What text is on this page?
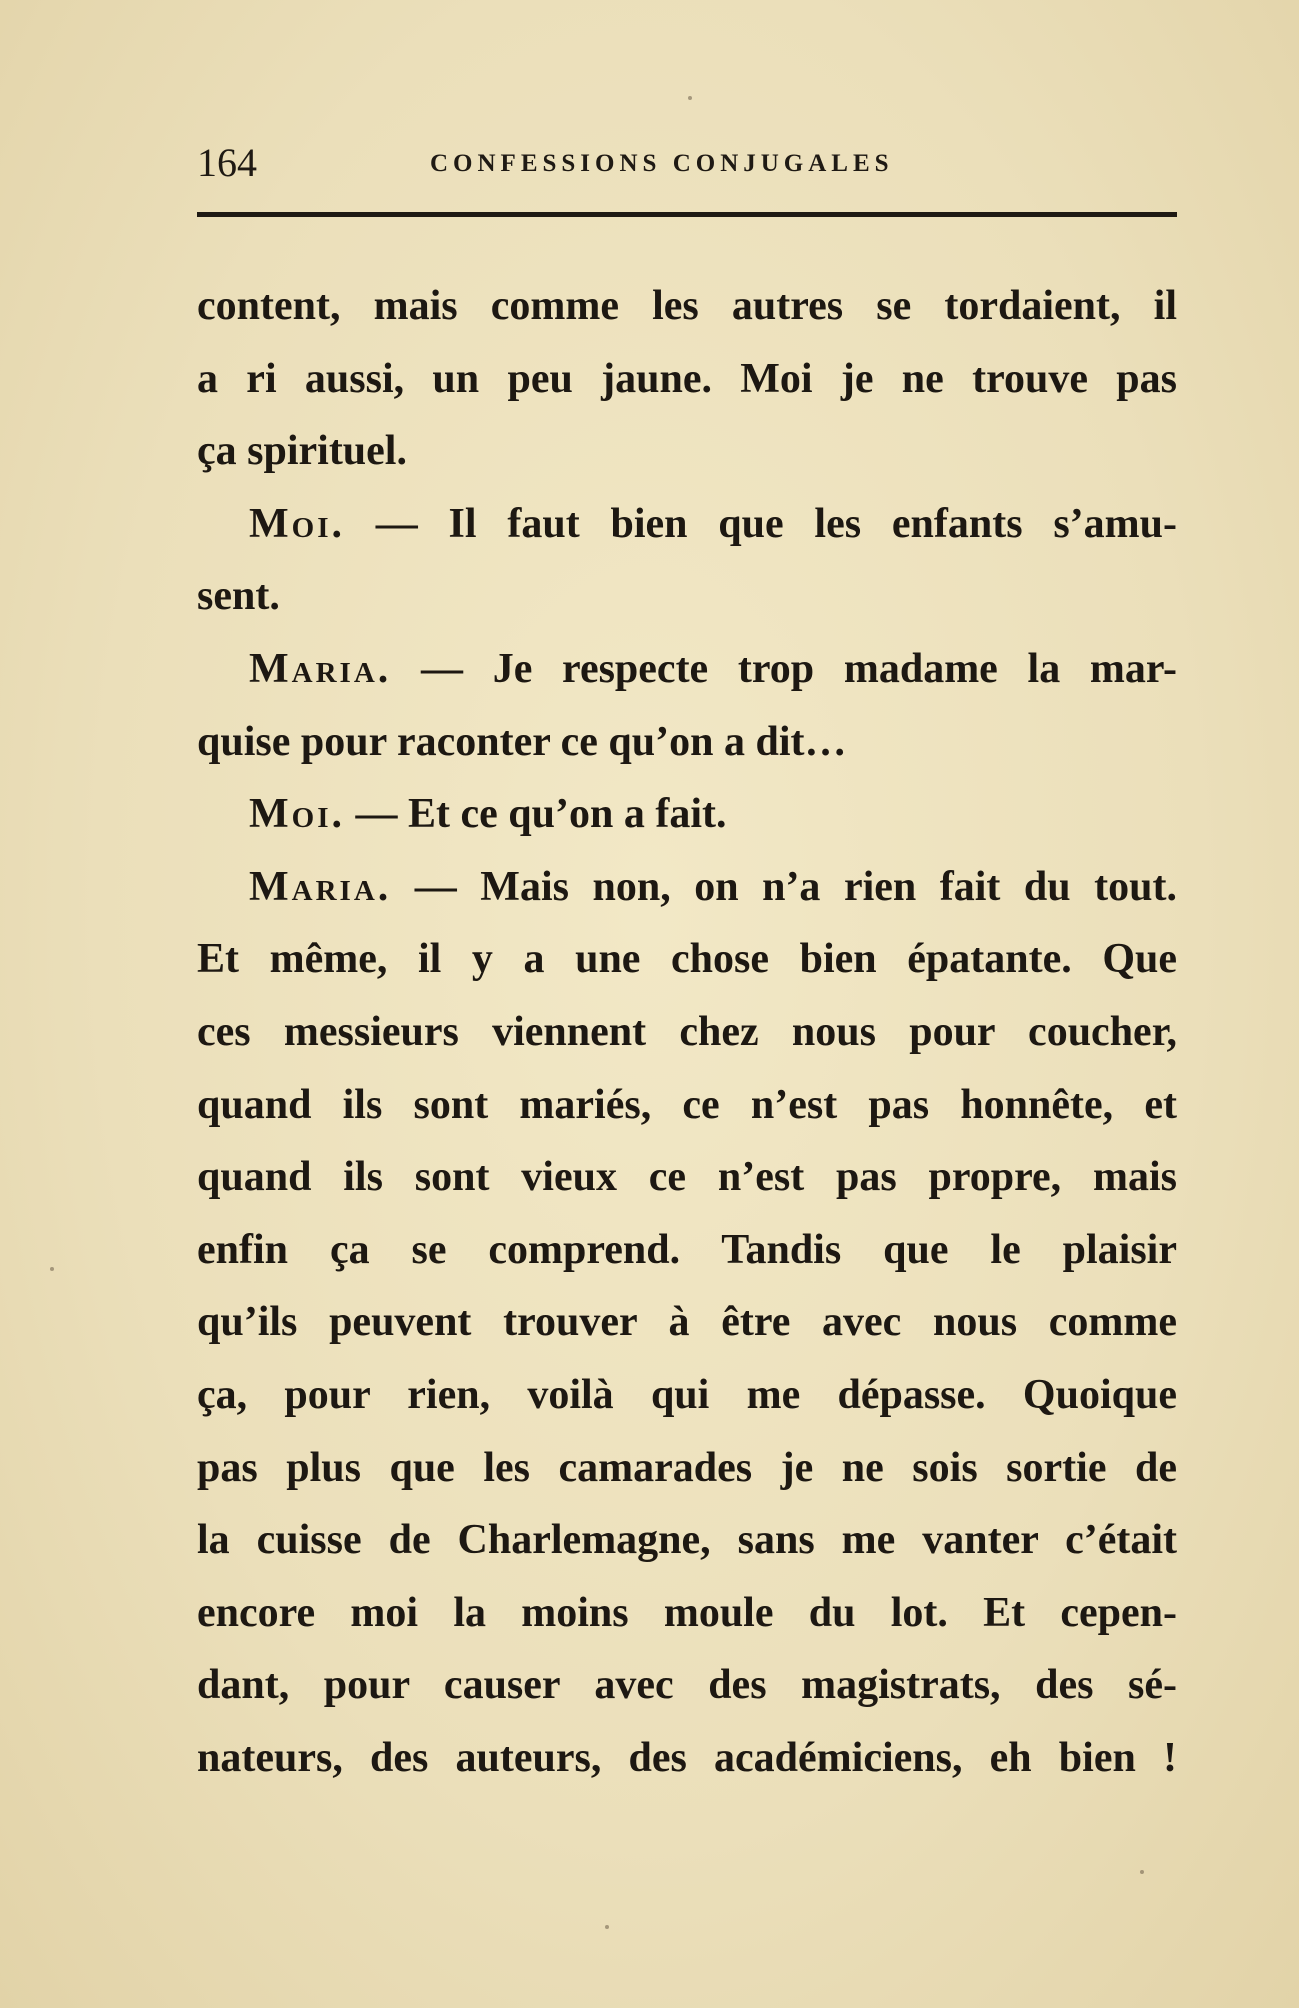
164	CONFESSIONS CONJUGALES
content, mais comme les autres se tordaient, il
a ri aussi, un peu jaune. Moi je ne trouve pas
ça spirituel.
Moi. — Il faut bien que les enfants s’amu-
sent.
Maria. — Je respecte trop madame la mar-
quise pour raconter ce qu’on a dit…
Moi. — Et ce qu’on a fait.
Maria. — Mais non, on n’a rien fait du tout.
Et même, il y a une chose bien épatante. Que
ces messieurs viennent chez nous pour coucher,
quand ils sont mariés, ce n’est pas honnête, et
quand ils sont vieux ce n’est pas propre, mais
enfin ça se comprend. Tandis que le plaisir
qu’ils peuvent trouver à être avec nous comme
ça, pour rien, voilà qui me dépasse. Quoique
pas plus que les camarades je ne sois sortie de
la cuisse de Charlemagne, sans me vanter c’était
encore moi la moins moule du lot. Et cepen-
dant, pour causer avec des magistrats, des sé-
nateurs, des auteurs, des académiciens, eh bien !
